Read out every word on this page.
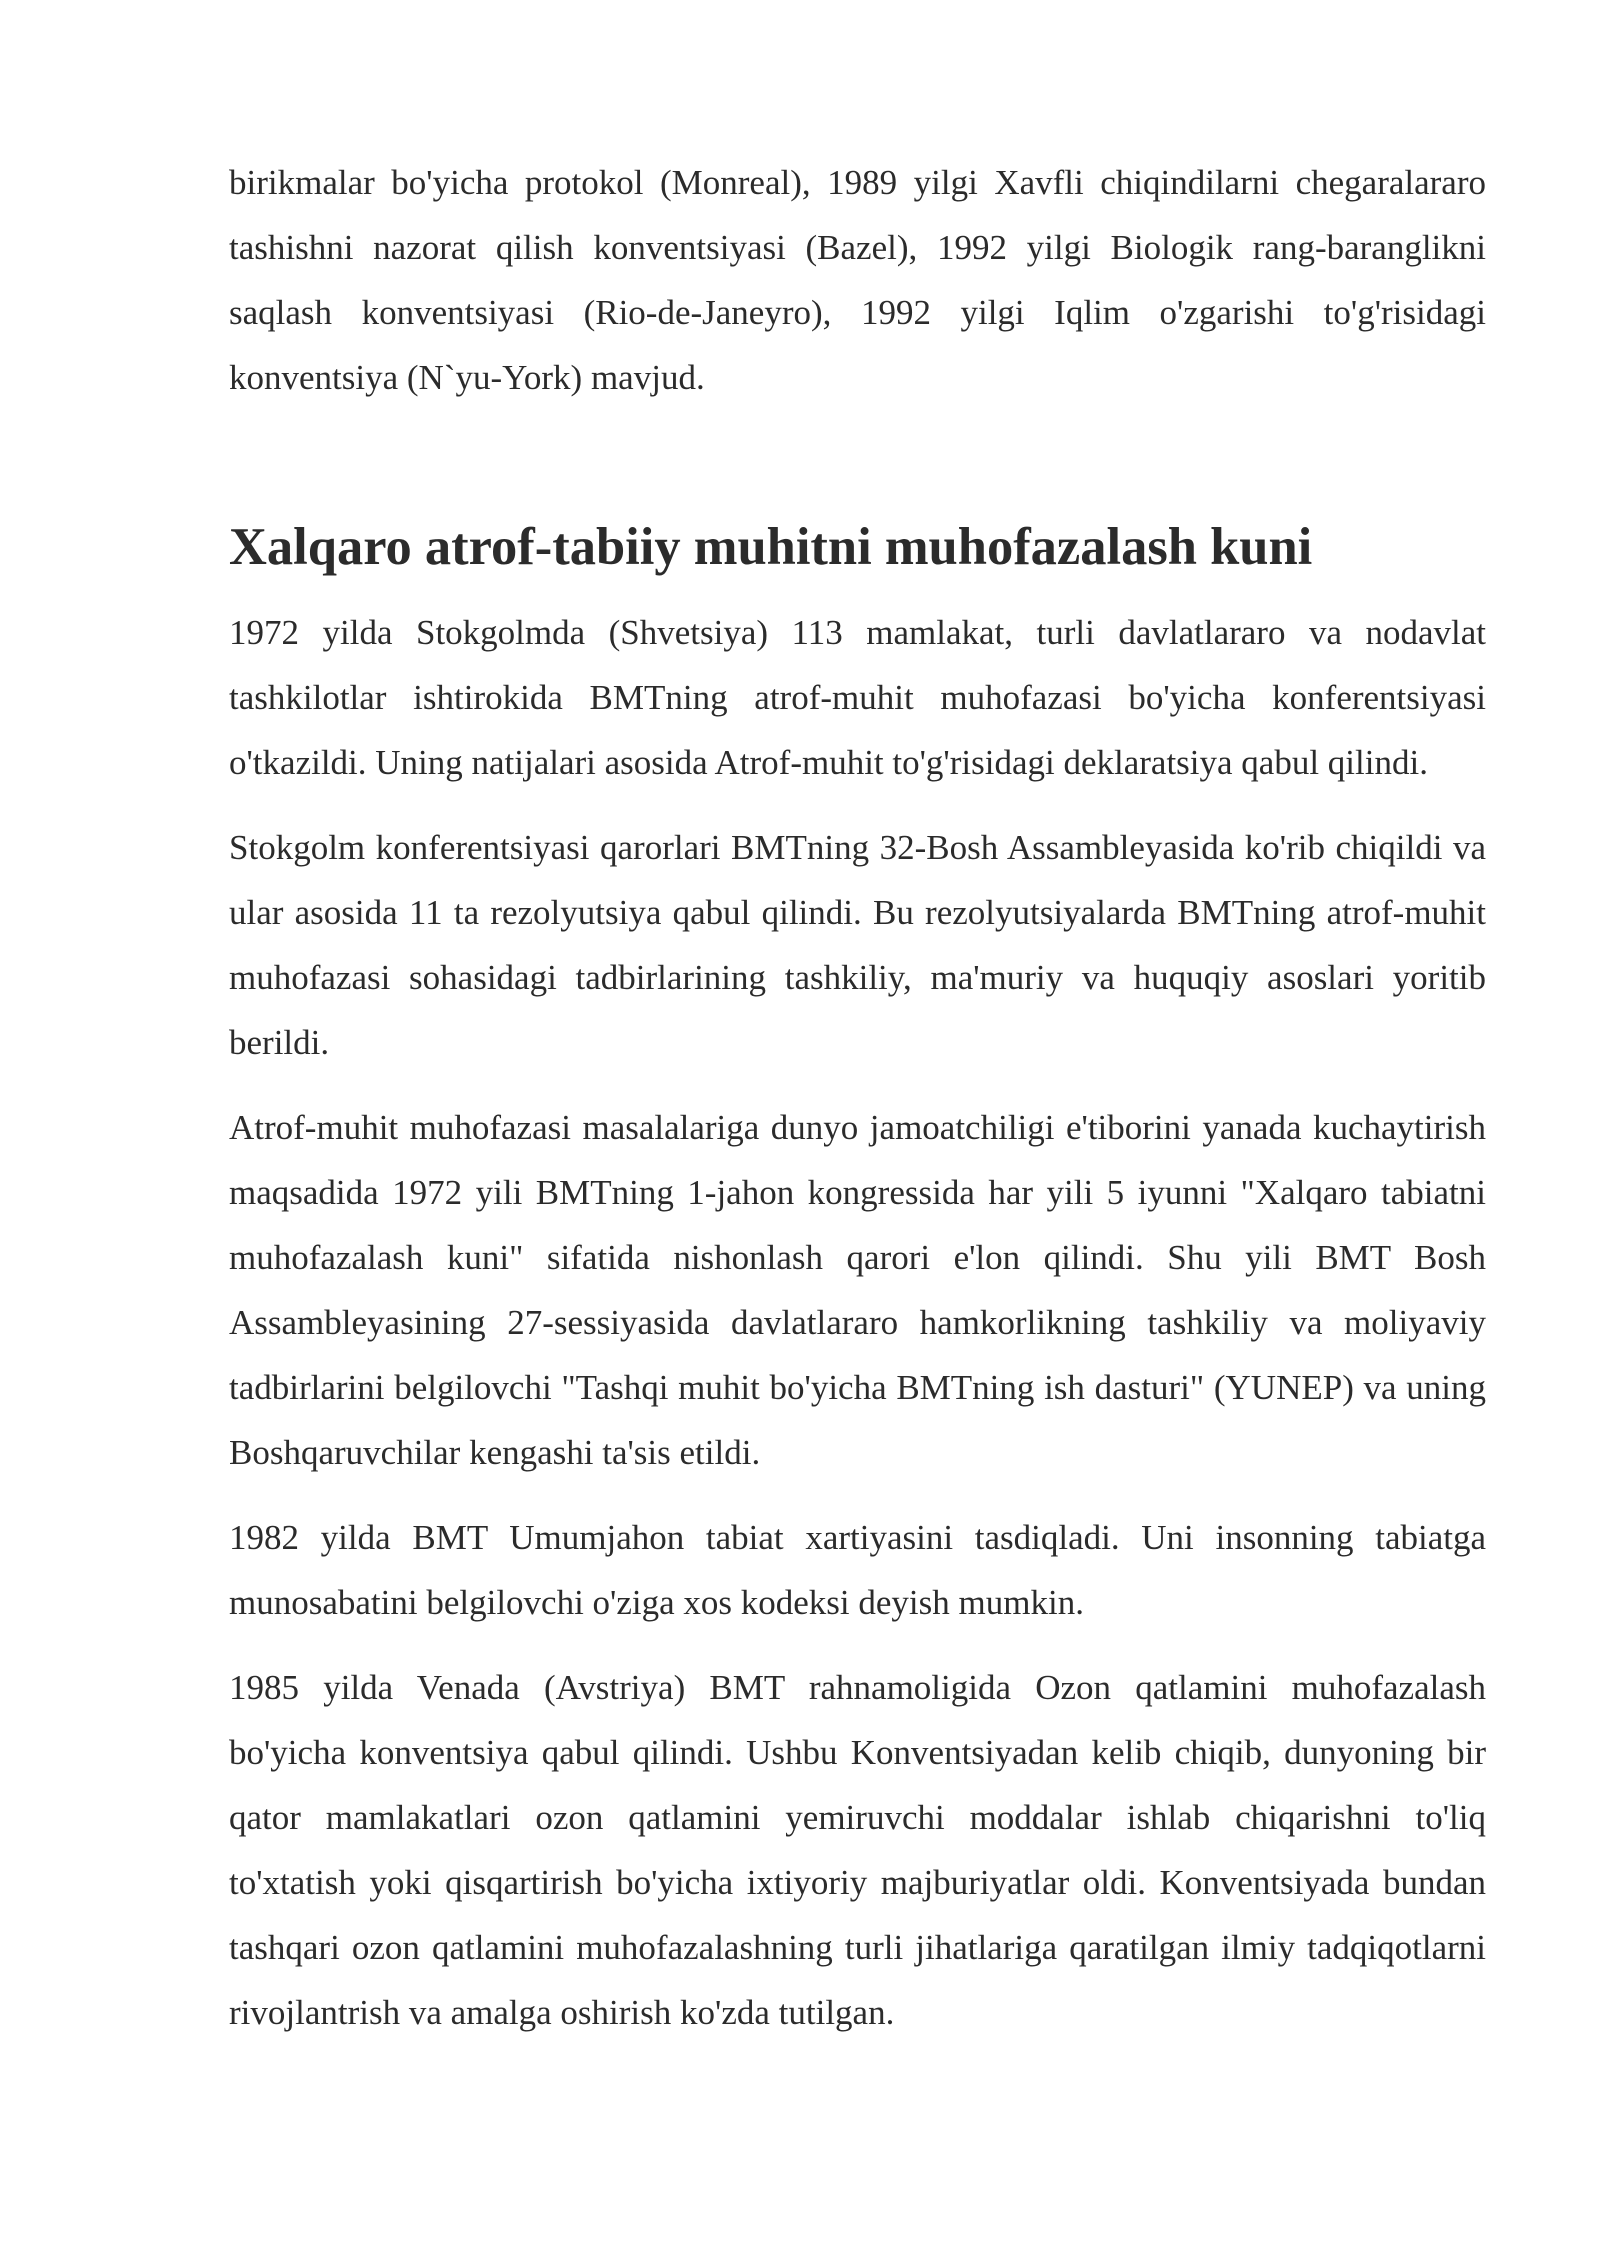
birikmalar bo'yicha protokol (Monreal), 1989 yilgi Xavfli chiqindilarni chegaralararo tashishni nazorat qilish konventsiyasi (Bazel), 1992 yilgi Biologik rang-baranglikni saqlash konventsiyasi (Rio-de-Janeyro), 1992 yilgi Iqlim o'zgarishi to'g'risidagi konventsiya (N`yu-York) mavjud.

Xalqaro atrof-tabiiy muhitni muhofazalash kuni

1972 yilda Stokgolmda (Shvetsiya) 113 mamlakat, turli davlatlararo va nodavlat tashkilotlar ishtirokida BMTning atrof-muhit muhofazasi bo'yicha konferentsiyasi o'tkazildi. Uning natijalari asosida Atrof-muhit to'g'risidagi deklaratsiya qabul qilindi.

Stokgolm konferentsiyasi qarorlari BMTning 32-Bosh Assambleyasida ko'rib chiqildi va ular asosida 11 ta rezolyutsiya qabul qilindi. Bu rezolyutsiyalarda BMTning atrof-muhit muhofazasi sohasidagi tadbirlarining tashkiliy, ma'muriy va huquqiy asoslari yoritib berildi.

Atrof-muhit muhofazasi masalalariga dunyo jamoatchiligi e'tiborini yanada kuchaytirish maqsadida 1972 yili BMTning 1-jahon kongressida har yili 5 iyunni "Xalqaro tabiatni muhofazalash kuni" sifatida nishonlash qarori e'lon qilindi. Shu yili BMT Bosh Assambleyasining 27-sessiyasida davlatlararo hamkorlikning tashkiliy va moliyaviy tadbirlarini belgilovchi "Tashqi muhit bo'yicha BMTning ish dasturi" (YUNEP) va uning Boshqaruvchilar kengashi ta'sis etildi.

1982 yilda BMT Umumjahon tabiat xartiyasini tasdiqladi. Uni insonning tabiatga munosabatini belgilovchi o'ziga xos kodeksi deyish mumkin.

1985 yilda Venada (Avstriya) BMT rahnamoligida Ozon qatlamini muhofazalash bo'yicha konventsiya qabul qilindi. Ushbu Konventsiyadan kelib chiqib, dunyoning bir qator mamlakatlari ozon qatlamini yemiruvchi moddalar ishlab chiqarishni to'liq to'xtatish yoki qisqartirish bo'yicha ixtiyoriy majburiyatlar oldi. Konventsiyada bundan tashqari ozon qatlamini muhofazalashning turli jihatlariga qaratilgan ilmiy tadqiqotlarni rivojlantrish va amalga oshirish ko'zda tutilgan.
